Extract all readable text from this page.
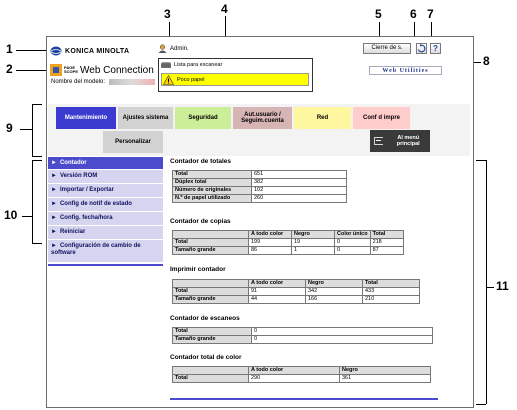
1
2
3	4	5 6 7
8
9
10
11
KONICA MINOLTA
PAGE
SCOPE Web Connection
Nombre del modelo:
Admin.
Lista para escanear
Poco papel
Cierre de s.	?
Web Utilities
Mantenimiento	Ajustes sistema	Seguridad	Aut.usuario / Seguim.cuenta	Red	Conf d impre
Personalizar
Al menú principal
► Contador
► Versión ROM
► Importar / Exportar
► Config de notif de estado
► Config. fecha/hora
► Reiniciar
► Configuración de cambio de software
Contador de totales
Total	651
Dúplex total	382
Número de originales	102
N.º de papel utilizado	260
Contador de copias
	A todo color	Negro	Color único	Total
Total	199	19	0	218
Tamaño grande	86	1	0	87
Imprimir contador
	A todo color	Negro	Total
Total	91	342	433
Tamaño grande	44	166	210
Contador de escaneos
Total	0
Tamaño grande	0
Contador total de color
	A todo color	Negro
Total	290	361
